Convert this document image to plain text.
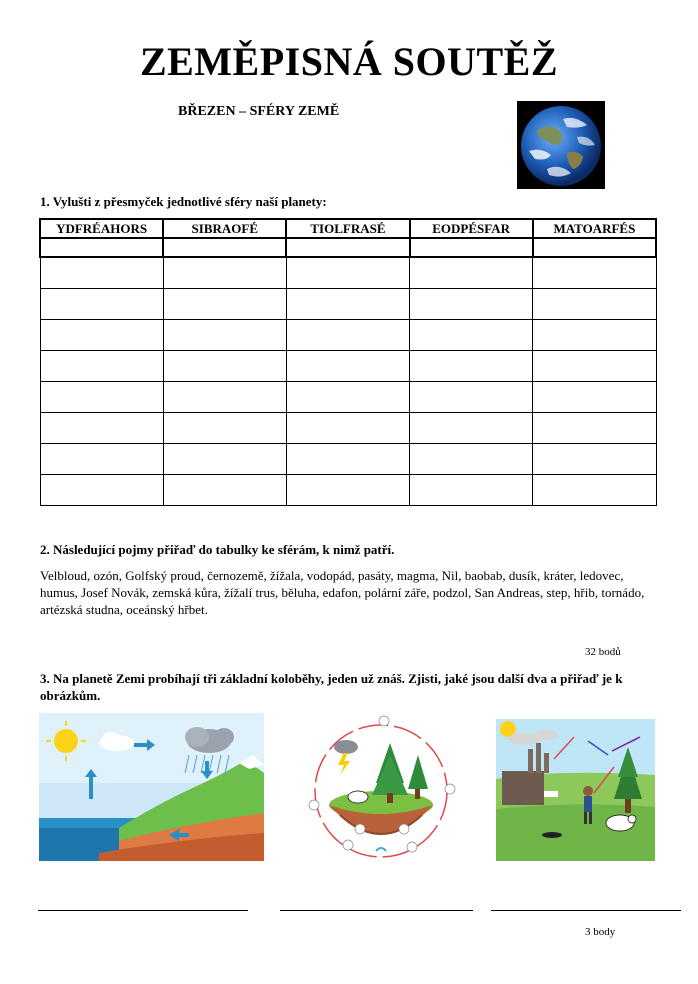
ZEMĚPISNÁ SOUTĚŽ
BŘEZEN – SFÉRY ZEMĚ
1. Vylušti z přesmyček jednotlivé sféry naší planety:
YDFRÉAHORS	SIBRAOFÉ	TIOLFRASÉ	EODPÉSFAR	MATOARFÉS

2. Následující pojmy přiřaď do tabulky ke sférám, k nimž patří.
Velbloud, ozón, Golfský proud, černozemě, žížala, vodopád, pasáty, magma, Nil, baobab, dusík, kráter, ledovec, humus, Josef Novák, zemská kůra, žížalí trus, běluha, edafon, polární záře, podzol, San Andreas, step, hřib, tornádo, artézská studna, oceánský hřbet.
32 bodů
3. Na planetě Zemi probíhají tři základní koloběhy, jeden už znáš. Zjisti, jaké jsou další dva a přiřaď je k obrázkům.
3 body
